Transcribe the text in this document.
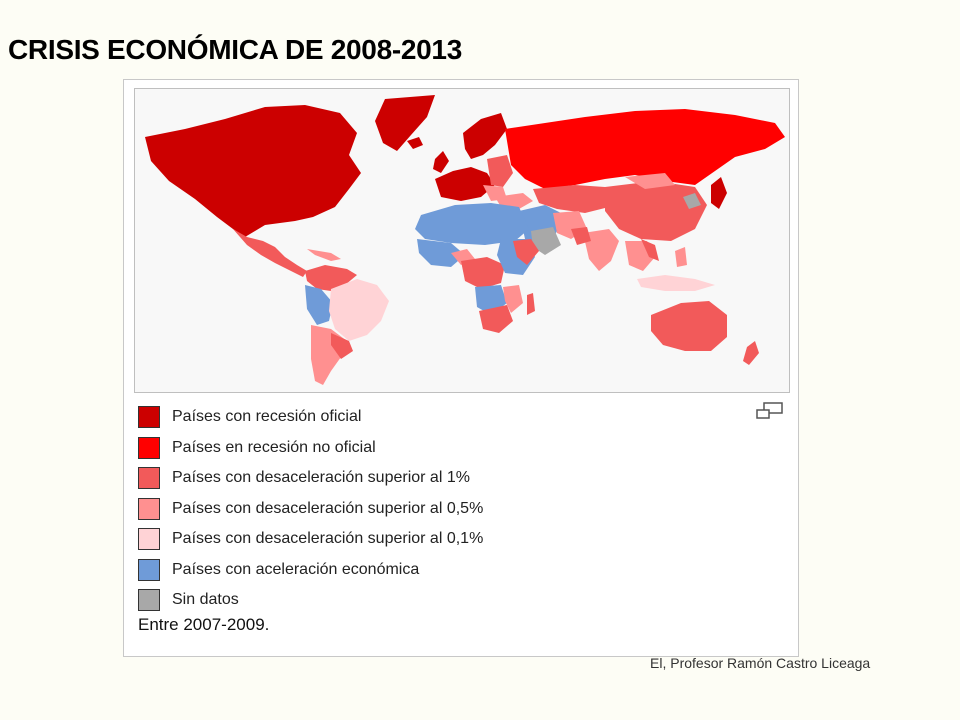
CRISIS ECONÓMICA DE 2008-2013
Países con recesión oficial
Países en recesión no oficial
Países con desaceleración superior al 1%
Países con desaceleración superior al 0,5%
Países con desaceleración superior al 0,1%
Países con aceleración económica
Sin datos
Entre 2007-2009.
El, Profesor Ramón Castro Liceaga
